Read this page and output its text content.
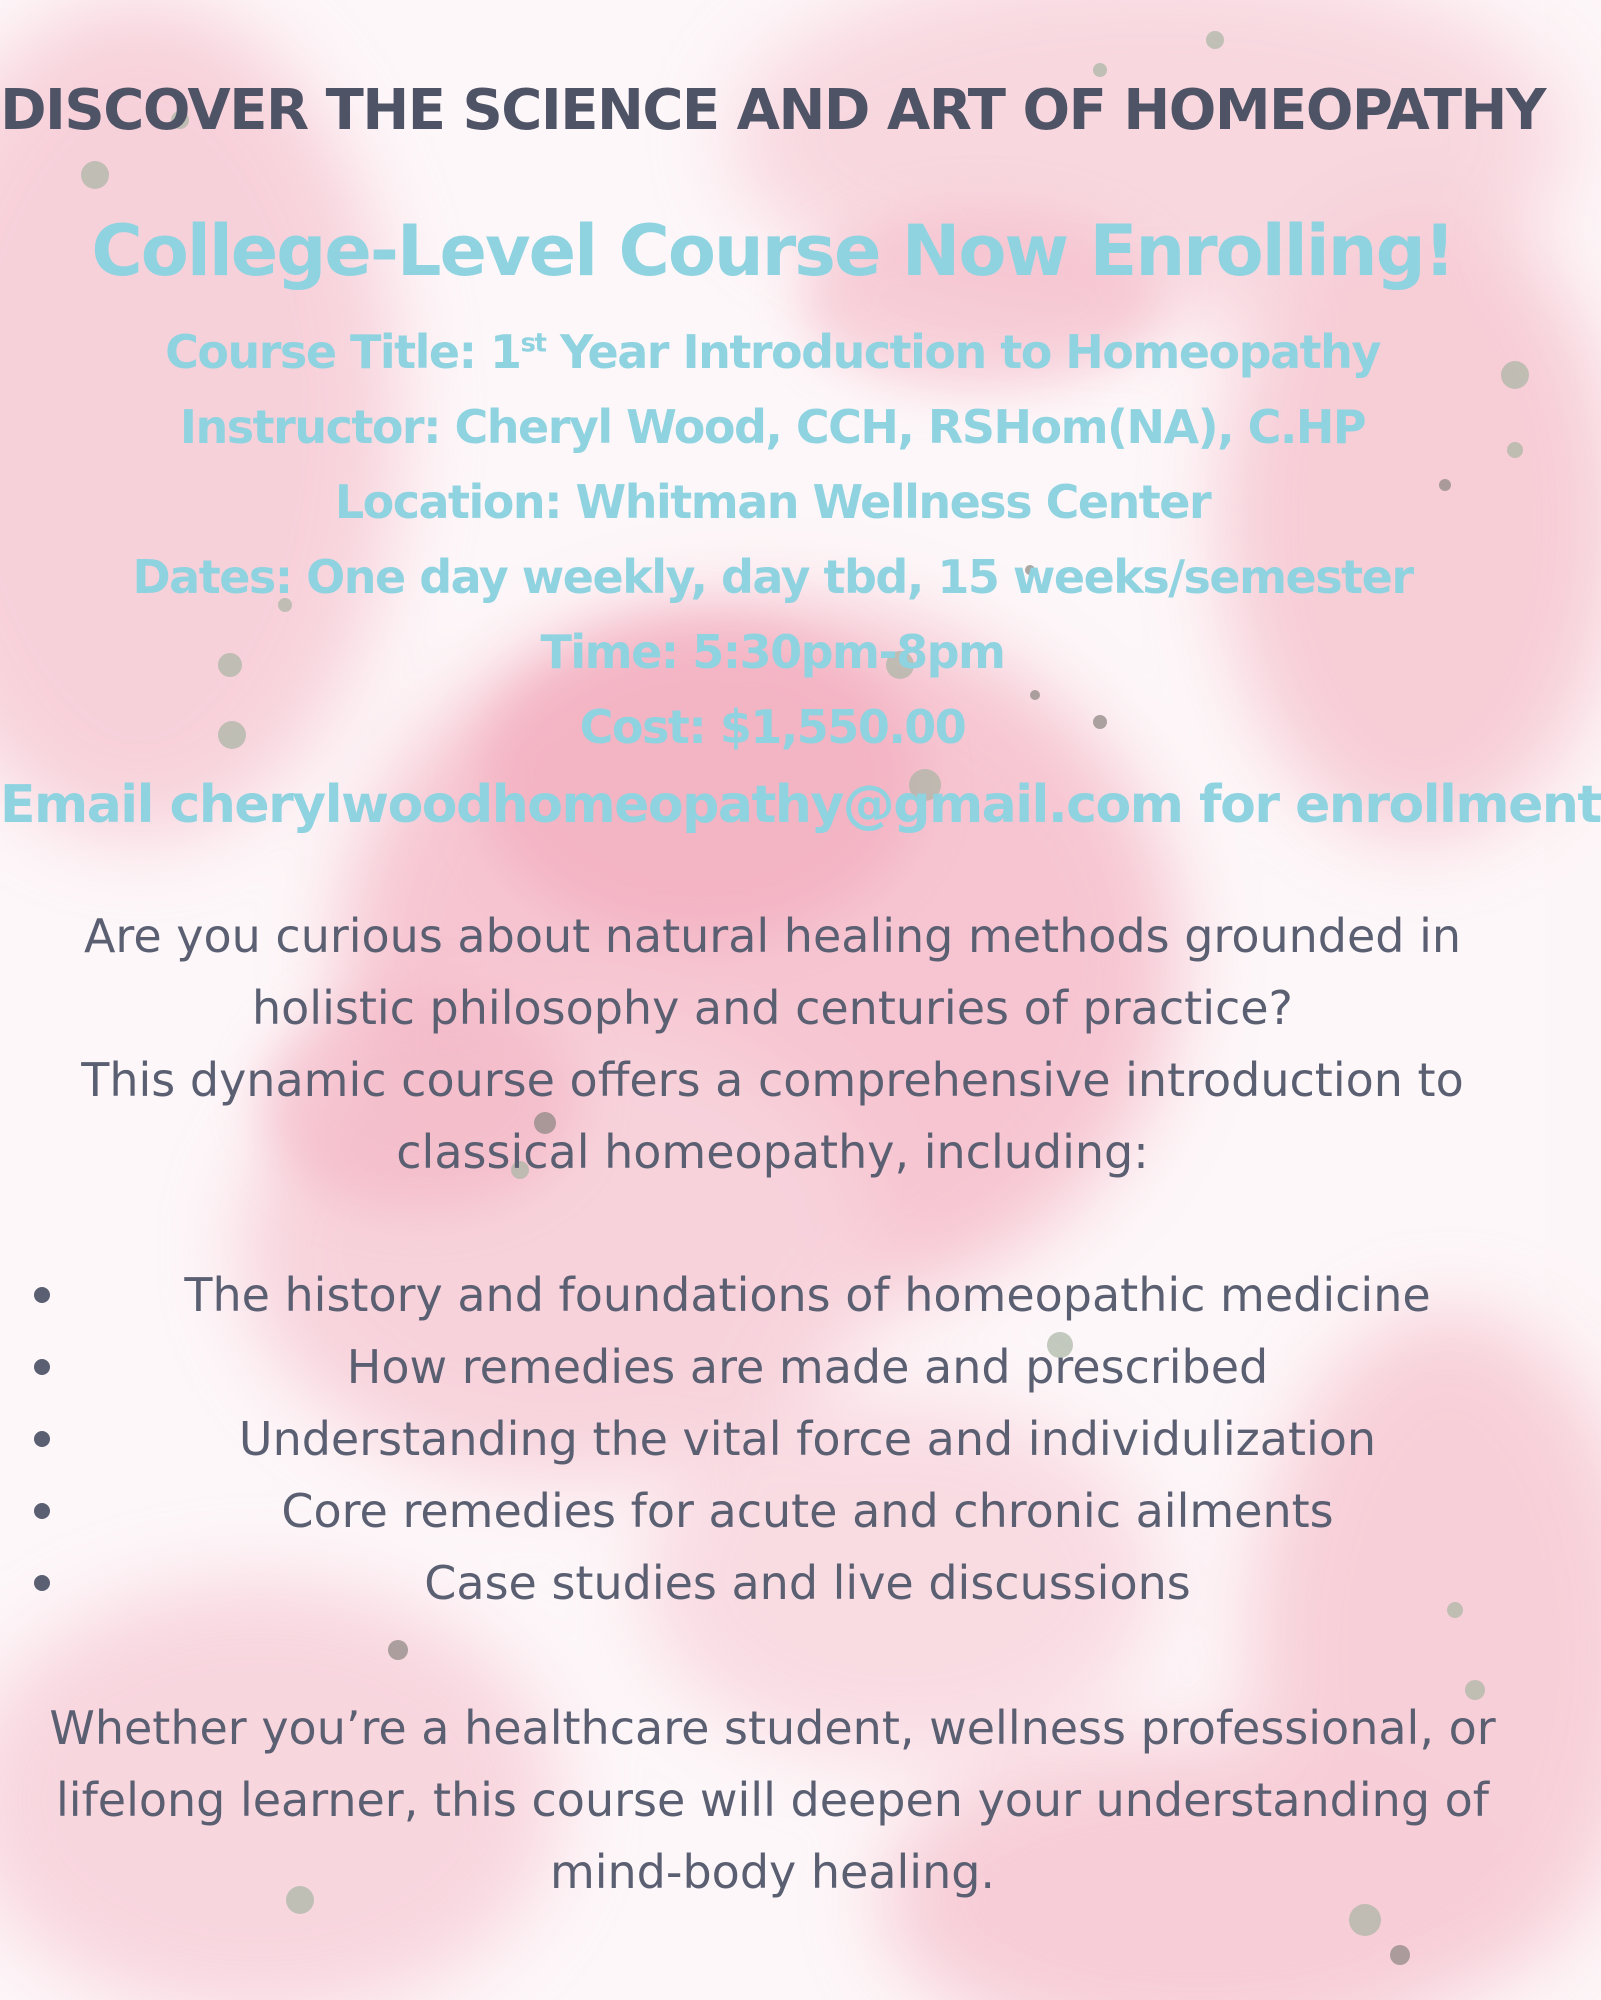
DISCOVER THE SCIENCE AND ART OF HOMEOPATHY
College-Level Course Now Enrolling!
Course Title: 1st Year Introduction to Homeopathy
Instructor: Cheryl Wood, CCH, RSHom(NA), C.HP
Location: Whitman Wellness Center
Dates: One day weekly, day tbd, 15 weeks/semester
Time: 5:30pm-8pm
Cost: $1,550.00
Email cherylwoodhomeopathy@gmail.com for enrollment
Are you curious about natural healing methods grounded in
holistic philosophy and centuries of practice?
This dynamic course offers a comprehensive introduction to
classical homeopathy, including:
The history and foundations of homeopathic medicine
How remedies are made and prescribed
Understanding the vital force and individulization
Core remedies for acute and chronic ailments
Case studies and live discussions
Whether you’re a healthcare student, wellness professional, or
lifelong learner, this course will deepen your understanding of
mind-body healing.
